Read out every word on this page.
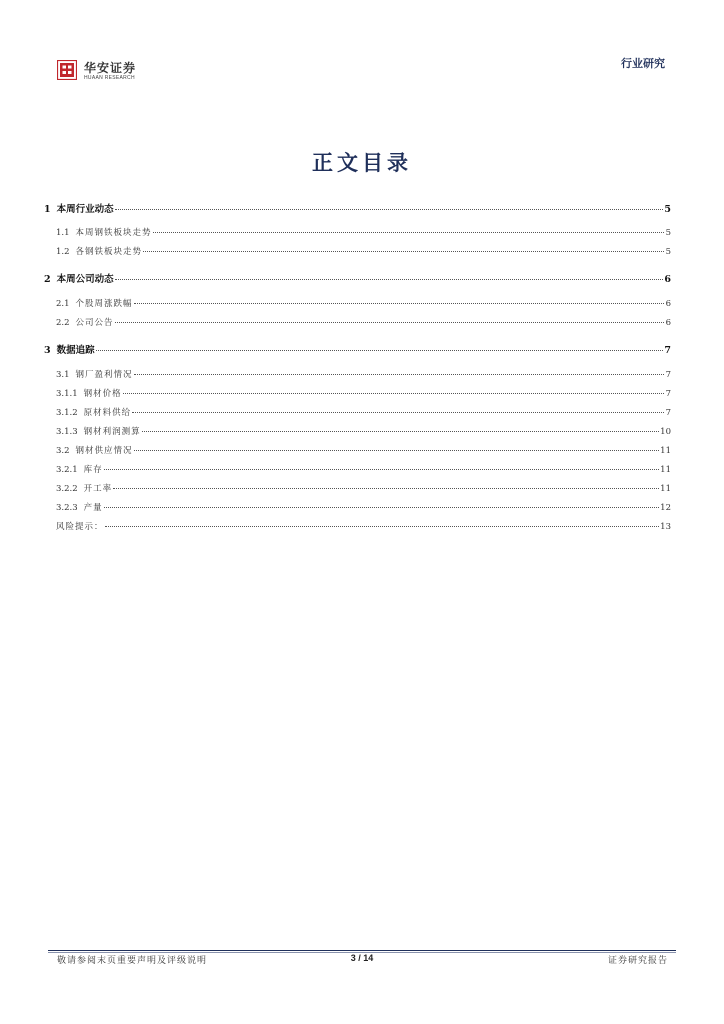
华安证券
HUAAN RESEARCH
行业研究
正文目录
1 本周行业动态	5
1.1 本周钢铁板块走势	5
1.2 各钢铁板块走势	5
2 本周公司动态	6
2.1 个股周涨跌幅	6
2.2 公司公告	6
3 数据追踪	7
3.1 钢厂盈利情况	7
3.1.1 钢材价格	7
3.1.2 原材料供给	7
3.1.3 钢材利润测算	10
3.2 钢材供应情况	11
3.2.1 库存	11
3.2.2 开工率	11
3.2.3 产量	12
风险提示：	13
敬请参阅末页重要声明及评级说明	3 / 14	证券研究报告
